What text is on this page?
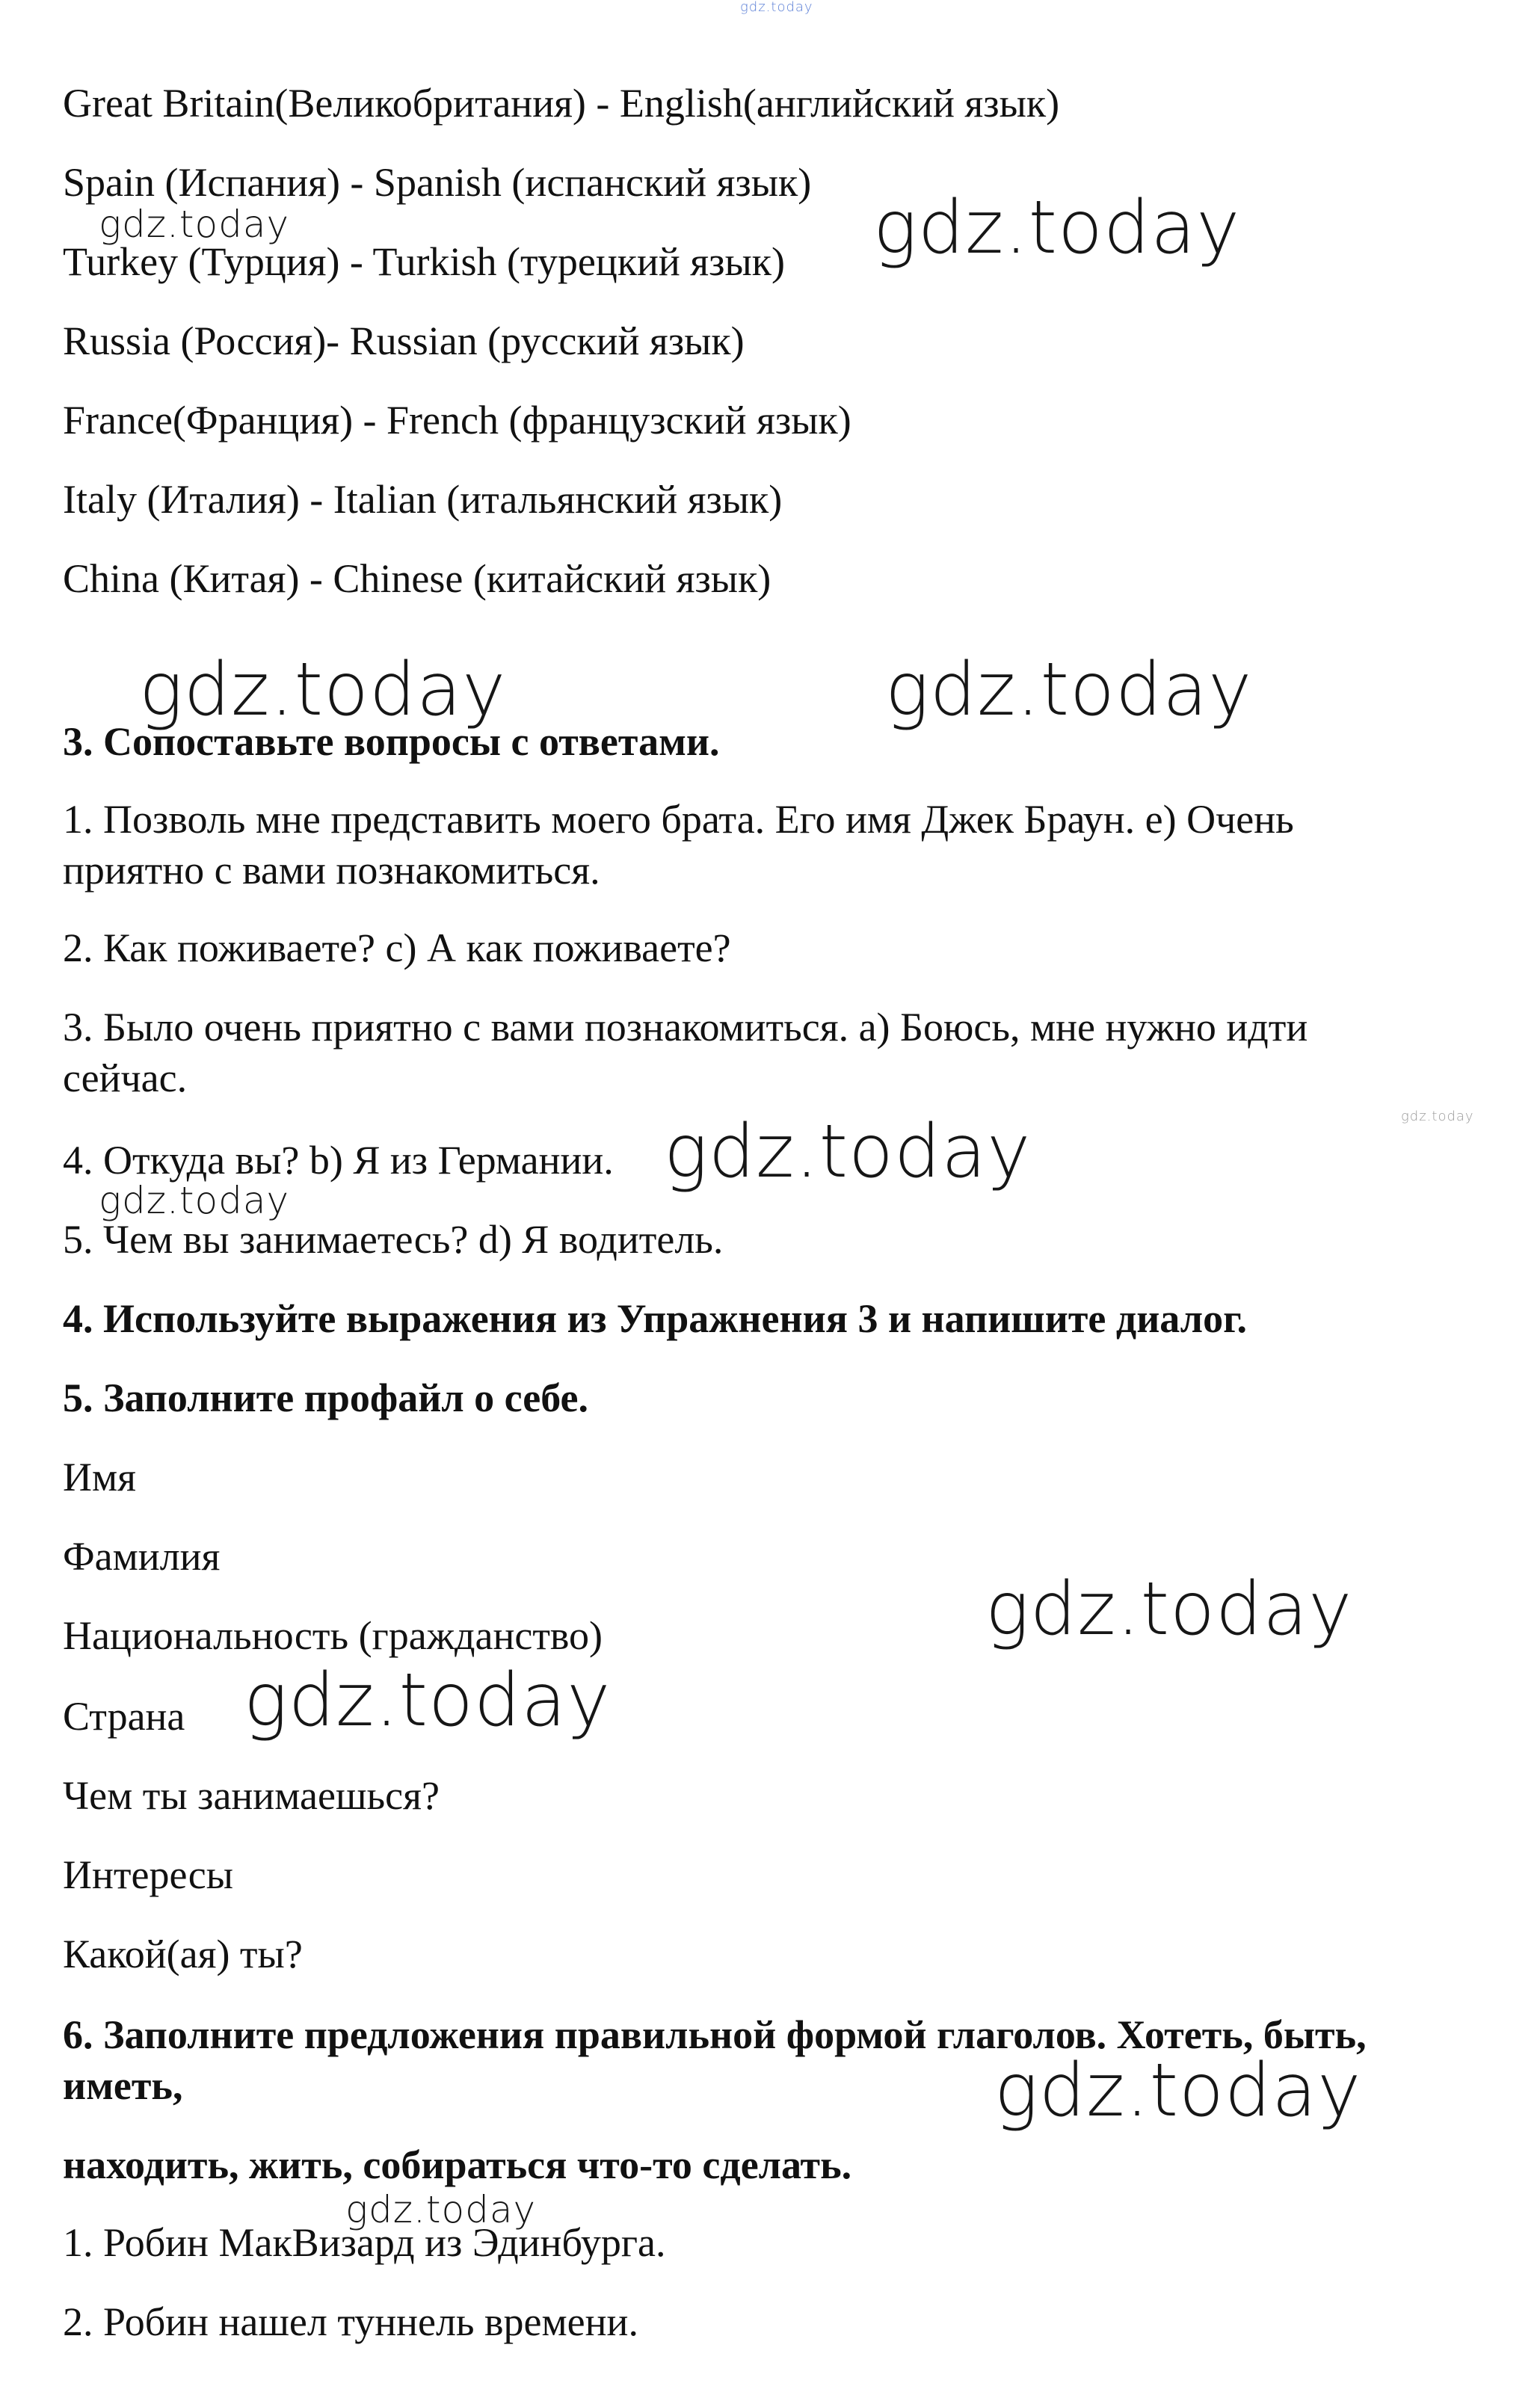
gdz.today

Great Britain(Великобритания) - English(английский язык)

Spain (Испания) - Spanish (испанский язык)

Turkey (Турция) - Turkish (турецкий язык)

Russia (Россия)- Russian (русский язык)

France(Франция) - French (французский язык)

Italy (Италия) - Italian (итальянский язык)

China (Китая) - Chinese (китайский язык)

3. Сопоставьте вопросы с ответами.

1. Позволь мне представить моего брата. Его имя Джек Браун. е) Очень

приятно с вами познакомиться.

2. Как поживаете? с) А как поживаете?

3. Было очень приятно с вами познакомиться. а) Боюсь, мне нужно идти

сейчас.

4. Откуда вы? b) Я из Германии.

5. Чем вы занимаетесь? d) Я водитель.

4. Используйте выражения из Упражнения 3 и напишите диалог.

5. Заполните профайл о себе.

Имя

Фамилия

Национальность (гражданство)

Страна

Чем ты занимаешься?

Интересы

Какой(ая) ты?

6. Заполните предложения правильной формой глаголов. Хотеть, быть,

иметь,

находить, жить, собираться что-то сделать.

1. Робин МакВизард из Эдинбурга.

2. Робин нашел туннель времени.

gdz.today	gdz.today
gdz.today	gdz.today
gdz.today
gdz.today
gdz.today
gdz.today
gdz.today
gdz.today
gdz.today
